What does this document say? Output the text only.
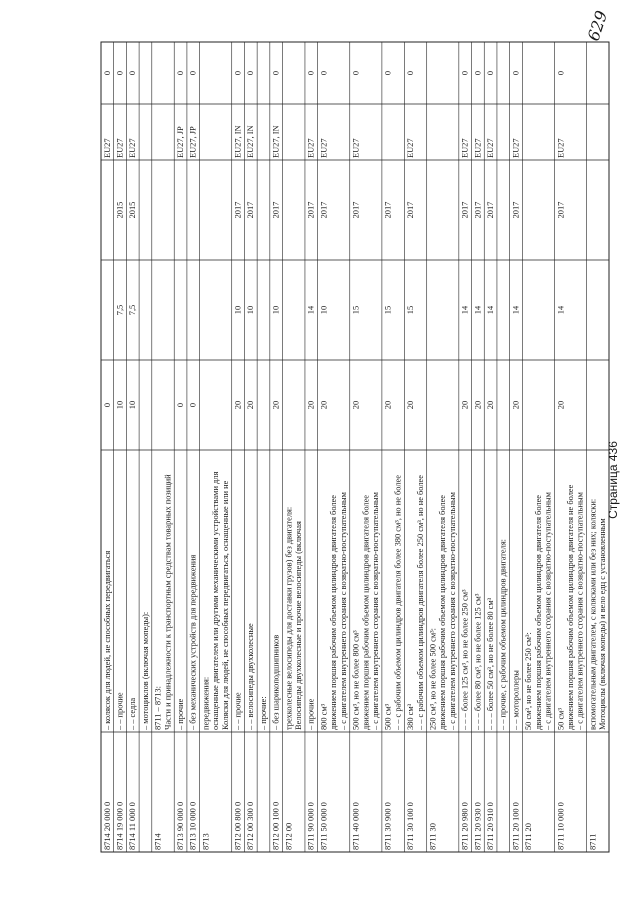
8711
Мотоциклы (включая мопеды) и вело едц с установленным
вспомогательным двигателем, с колясками или без них; коляски:
8711 10 000 0
– с двигателем внутреннего сгорания с возвратно-поступательным
движением поршня рабочим объемом цилиндров двигателя не более
50 см³
20
14
2017
EU27
0
8711 20
– с двигателем внутреннего сгорания с возвратно-поступательным
движением поршня рабочим объемом цилиндров двигателя более
50 см³, но не более 250 см³:
8711 20 100 0
– – мотороллеры
20
14
2017
EU27
0
– – прочие, с рабочим объемом цилиндров двигателя:
8711 20 910 0
– – – более 50 см³, но не более 80 см³
20
14
2017
EU27
0
8711 20 930 0
– – – более 80 см³, но не более 125 см³
20
14
2017
EU27
0
8711 20 980 0
– – – более 125 см³, но не более 250 см³
20
14
2017
EU27
0
8711 30
– с двигателем внутреннего сгорания с возвратно-поступательным
движением поршня рабочим объемом цилиндров двигателя более
250 см³, но не более 500 см³:
8711 30 100 0
– – с рабочим объемом цилиндров двигателя более 250 см³, но не более
380 см³
20
15
2017
EU27
0
8711 30 900 0
– – с рабочим объемом цилиндров двигателя более 380 см³, но не более
500 см³
20
15
2017
0
8711 40 000 0
– с двигателем внутреннего сгорания с возвратно-поступательным
движением поршня рабочим объемом цилиндров двигателя более
500 см³, но не более 800 см³
20
15
2017
EU27
0
8711 50 000 0
– с двигателем внутреннего сгорания с возвратно-поступательным
движением поршня рабочим объемом цилиндров двигателя более
800 см³
20
10
2017
EU27
0
8711 90 000 0
– прочие
20
14
2017
EU27
0
8712 00
Велосипеды двухколесные и прочие велосипеды (включая
трехколесные велосипеды для доставки грузов) без двигателя:
8712 00 100 0
– без шарикоподшипников
20
10
2017
EU27, IN
0
– прочие:
8712 00 300 0
– – велосипеды двухколесные
20
10
2017
EU27, IN
0
8712 00 800 0
– – прочие
20
10
2017
EU27, IN
0
8713
Коляски для людей, не способных передвигаться, оснащенные или не
оснащенные двигателем или другими механическими устройствами для
передвижения:
8713 10 000 0
– без механических устройств для передвижения
0
EU27, JP
0
8713 90 000 0
– прочие
0
EU27, JP
0
8714
Части и принадлежности к транспортным средствам товарных позиций
8711 – 8713:
– мотоциклов (включая мопеды):
8714 11 000 0
– – седла
10
7,5
2015
EU27
0
8714 19 000 0
– – прочие
10
7,5
2015
EU27
0
8714 20 000 0
– колясок для людей, не способных передвигаться
0
EU27
0
Страница 436
629
